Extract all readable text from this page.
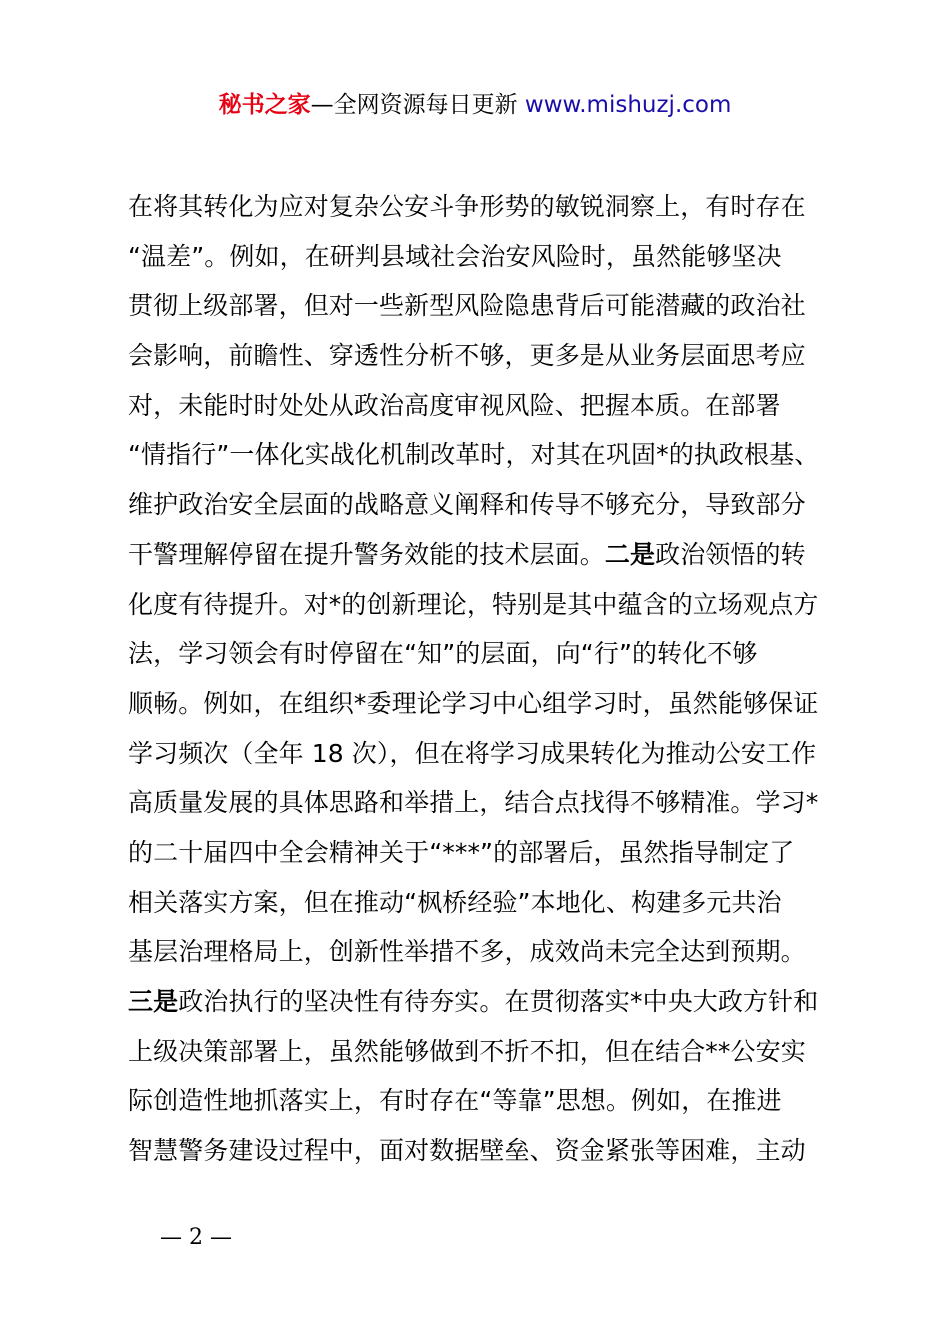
秘书之家—全网资源每日更新 www.mishuzj.com
在将其转化为应对复杂公安斗争形势的敏锐洞察上，有时存在
“温差”。例如，在研判县域社会治安风险时，虽然能够坚决
贯彻上级部署，但对一些新型风险隐患背后可能潜藏的政治社
会影响，前瞻性、穿透性分析不够，更多是从业务层面思考应
对，未能时时处处从政治高度审视风险、把握本质。在部署
“情指行”一体化实战化机制改革时，对其在巩固*的执政根基、
维护政治安全层面的战略意义阐释和传导不够充分，导致部分
干警理解停留在提升警务效能的技术层面。二是政治领悟的转
化度有待提升。对*的创新理论，特别是其中蕴含的立场观点方
法，学习领会有时停留在“知”的层面，向“行”的转化不够
顺畅。例如，在组织*委理论学习中心组学习时，虽然能够保证
学习频次（全年 18 次），但在将学习成果转化为推动公安工作
高质量发展的具体思路和举措上，结合点找得不够精准。学习*
的二十届四中全会精神关于“***”的部署后，虽然指导制定了
相关落实方案，但在推动“枫桥经验”本地化、构建多元共治
基层治理格局上，创新性举措不多，成效尚未完全达到预期。
三是政治执行的坚决性有待夯实。在贯彻落实*中央大政方针和
上级决策部署上，虽然能够做到不折不扣，但在结合**公安实
际创造性地抓落实上，有时存在“等靠”思想。例如，在推进
智慧警务建设过程中，面对数据壁垒、资金紧张等困难，主动
— 2 —
